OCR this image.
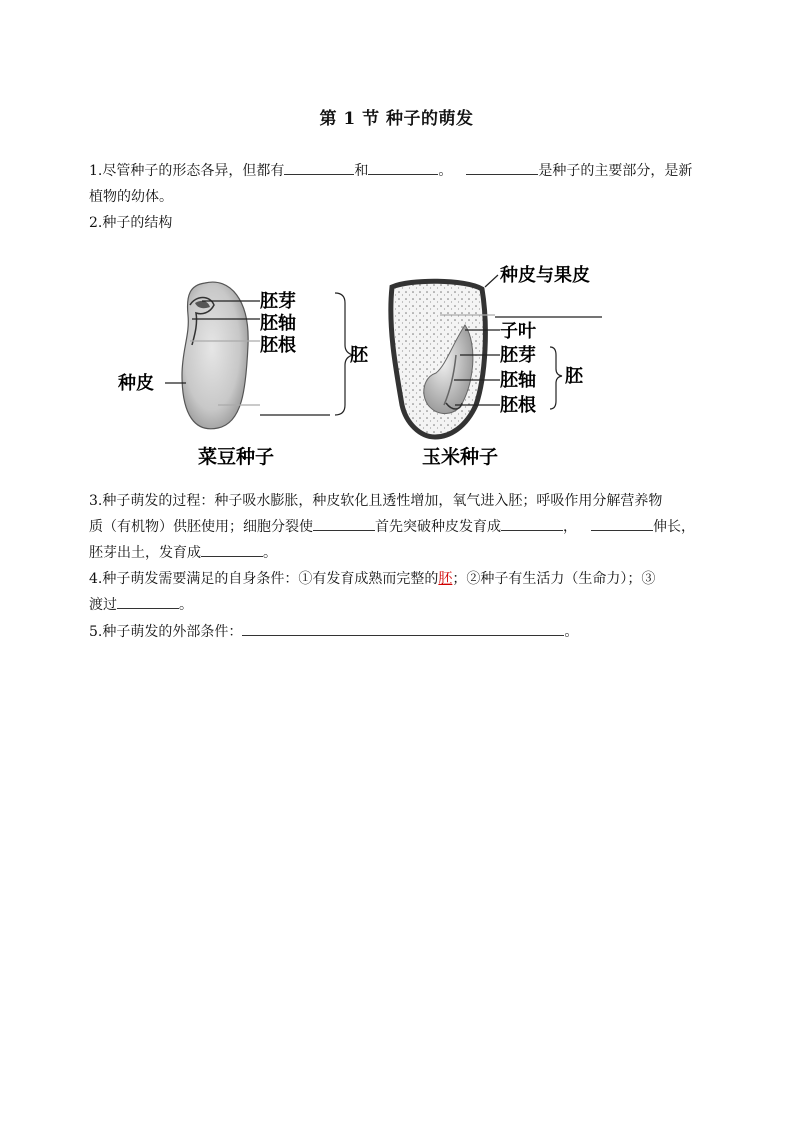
第 1 节 种子的萌发
1.尽管种子的形态各异，但都有	和	。	是种子的主要部分，是新
植物的幼体。
2.种子的结构
胚芽
胚轴
胚根
种皮
胚
菜豆种子
种皮与果皮
子叶
胚芽
胚轴
胚根
胚
玉米种子
3.种子萌发的过程：种子吸水膨胀，种皮软化且透性增加，氧气进入胚；呼吸作用分解营养物
质（有机物）供胚使用；细胞分裂使	首先突破种皮发育成	，	伸长，
胚芽出土，发育成	。
4.种子萌发需要满足的自身条件：①有发育成熟而完整的胚；②种子有生活力（生命力）；③
渡过	。
5.种子萌发的外部条件：	。
